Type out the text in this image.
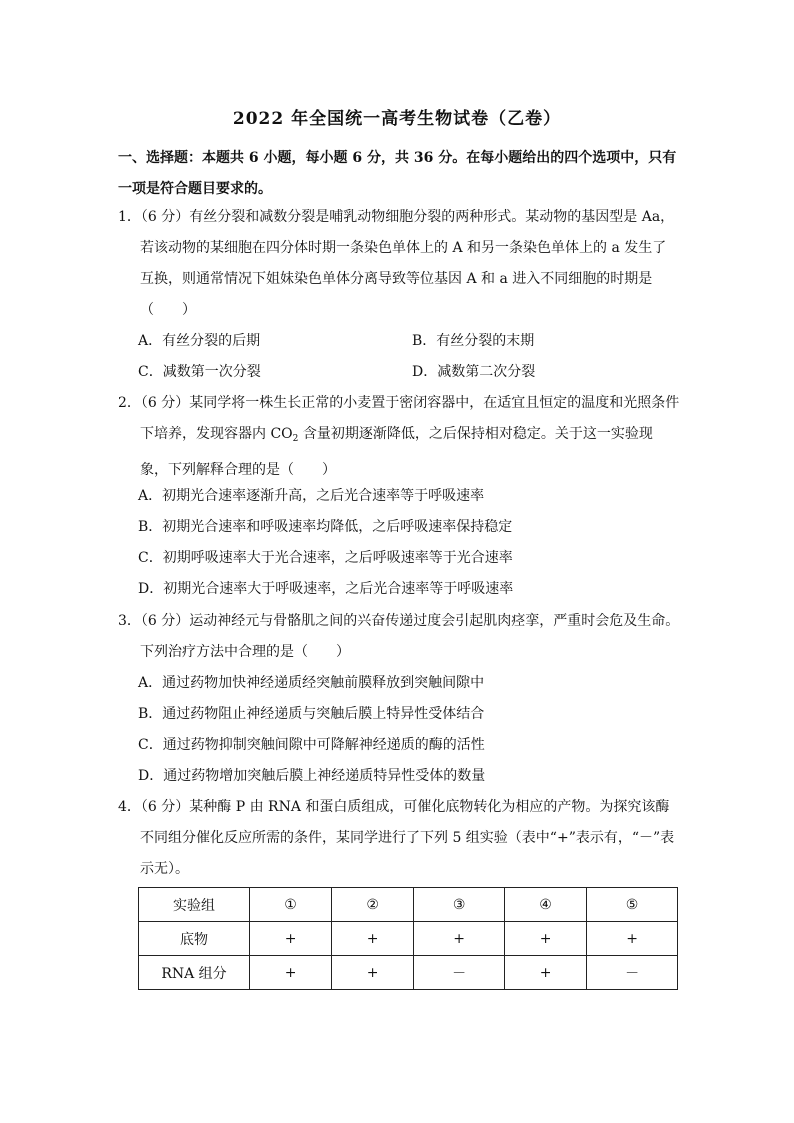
2022 年全国统一高考生物试卷（乙卷）
一、选择题：本题共 6 小题，每小题 6 分，共 36 分。在每小题给出的四个选项中，只有一项是符合题目要求的。
1．（6 分）有丝分裂和减数分裂是哺乳动物细胞分裂的两种形式。某动物的基因型是 Aa，若该动物的某细胞在四分体时期一条染色单体上的 A 和另一条染色单体上的 a 发生了互换，则通常情况下姐妹染色单体分离导致等位基因 A 和 a 进入不同细胞的时期是（　　）
A．有丝分裂的后期	B．有丝分裂的末期
C．减数第一次分裂	D．减数第二次分裂
2．（6 分）某同学将一株生长正常的小麦置于密闭容器中，在适宜且恒定的温度和光照条件下培养，发现容器内 $CO_2$ 含量初期逐渐降低，之后保持相对稳定。关于这一实验现象，下列解释合理的是（　　）
A．初期光合速率逐渐升高，之后光合速率等于呼吸速率
B．初期光合速率和呼吸速率均降低，之后呼吸速率保持稳定
C．初期呼吸速率大于光合速率，之后呼吸速率等于光合速率
D．初期光合速率大于呼吸速率，之后光合速率等于呼吸速率
3．（6 分）运动神经元与骨骼肌之间的兴奋传递过度会引起肌肉痉挛，严重时会危及生命。下列治疗方法中合理的是（　　）
A．通过药物加快神经递质经突触前膜释放到突触间隙中
B．通过药物阻止神经递质与突触后膜上特异性受体结合
C．通过药物抑制突触间隙中可降解神经递质的酶的活性
D．通过药物增加突触后膜上神经递质特异性受体的数量
4．（6 分）某种酶 P 由 RNA 和蛋白质组成，可催化底物转化为相应的产物。为探究该酶不同组分催化反应所需的条件，某同学进行了下列 5 组实验（表中“+”表示有，“－”表示无）。
实验组	①	②	③	④	⑤
底物	+	+	+	+	+
RNA 组分	+	+	－	+	－
